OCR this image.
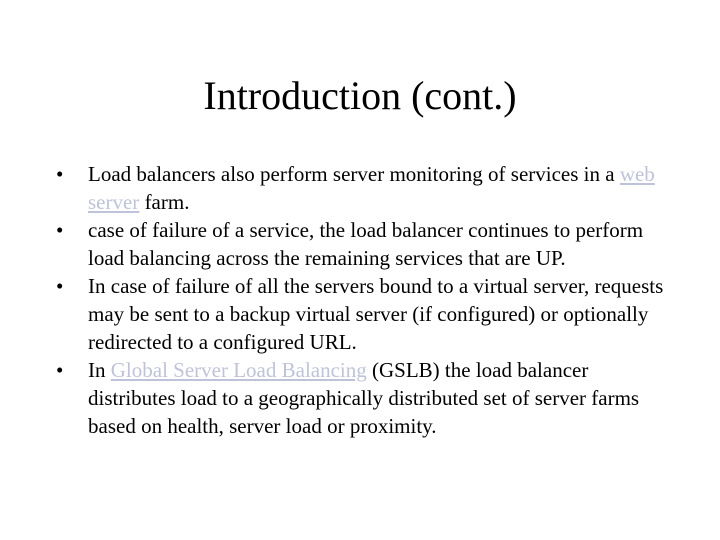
Introduction (cont.)
•	Load balancers also perform server monitoring of services in a web server farm.
•	case of failure of a service, the load balancer continues to perform load balancing across the remaining services that are UP.
•	In case of failure of all the servers bound to a virtual server, requests may be sent to a backup virtual server (if configured) or optionally redirected to a configured URL.
•	In Global Server Load Balancing (GSLB) the load balancer distributes load to a geographically distributed set of server farms based on health, server load or proximity.
